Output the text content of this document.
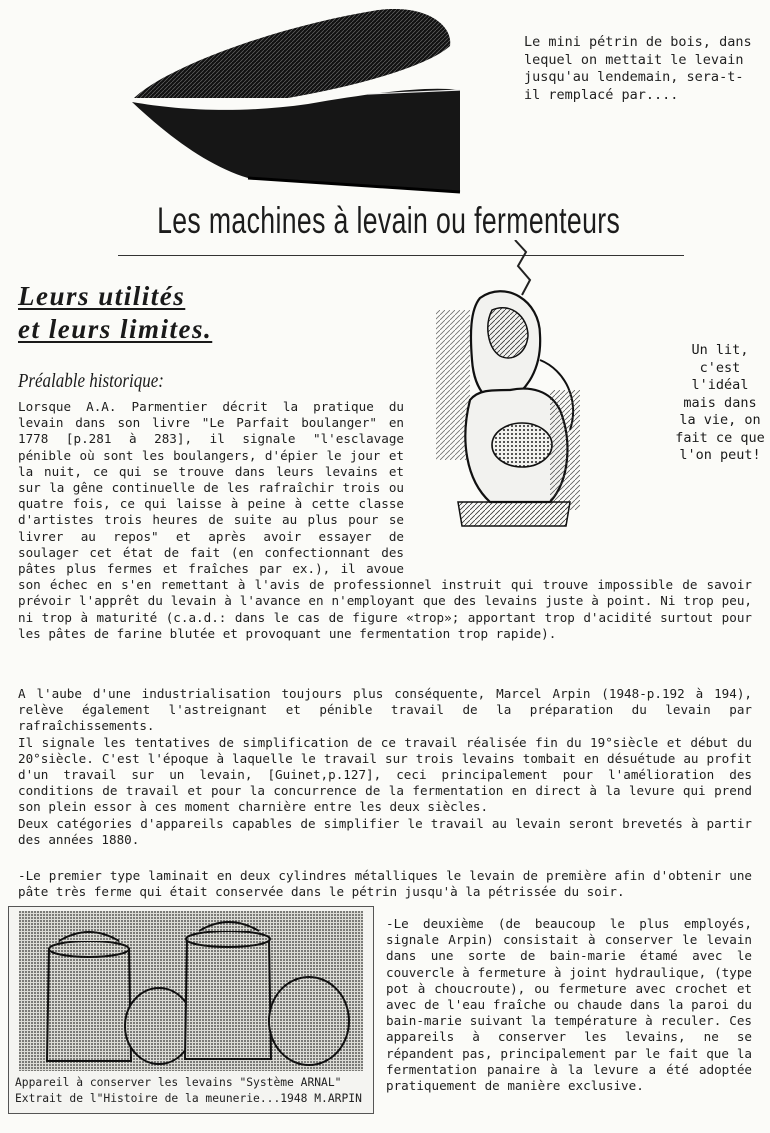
Le mini pétrin de bois, dans lequel on mettait le levain jusqu'au lendemain, sera-t-il remplacé par....
Les machines à levain ou fermenteurs
Leurs utilités
et leurs limites.
Un lit, c'est l'idéal mais dans la vie, on fait ce que l'on peut!
Préalable historique:
Lorsque A.A. Parmentier décrit la pratique du levain dans son livre "Le Parfait boulanger" en 1778 [p.281 à 283], il signale "l'esclavage pénible où sont les boulangers, d'épier le jour et la nuit, ce qui se trouve dans leurs levains et sur la gêne continuelle de les rafraîchir trois ou quatre fois, ce qui laisse à peine à cette classe d'artistes trois heures de suite au plus pour se livrer au repos" et après avoir essayer de soulager cet état de fait (en confectionnant des pâtes plus fermes et fraîches par ex.), il avoue son échec en s'en remettant à l'avis de professionnel instruit qui trouve impossible de savoir prévoir l'apprêt du levain à l'avance en n'employant que des levains juste à point. Ni trop peu, ni trop à maturité (c.a.d.: dans le cas de figure «trop»; apportant trop d'acidité surtout pour les pâtes de farine blutée et provoquant une fermentation trop rapide).
A l'aube d'une industrialisation toujours plus conséquente, Marcel Arpin (1948-p.192 à 194), relève également l'astreignant et pénible travail de la préparation du levain par rafraîchissements.
Il signale les tentatives de simplification de ce travail réalisée fin du 19°siècle et début du 20°siècle. C'est l'époque à laquelle le travail sur trois levains tombait en désuétude au profit d'un travail sur un levain, [Guinet,p.127], ceci principalement pour l'amélioration des conditions de travail et pour la concurrence de la fermentation en direct à la levure qui prend son plein essor à ces moment charnière entre les deux siècles.
Deux catégories d'appareils capables de simplifier le travail au levain seront brevetés à partir des années 1880.
-Le premier type laminait en deux cylindres métalliques le levain de première afin d'obtenir une pâte très ferme qui était conservée dans le pétrin jusqu'à la pétrissée du soir.
Appareil à conserver les levains "Système ARNAL"
Extrait de l"Histoire de la meunerie...1948 M.ARPIN
-Le deuxième (de beaucoup le plus employés, signale Arpin) consistait à conserver le levain dans une sorte de bain-marie étamé avec le couvercle à fermeture à joint hydraulique, (type pot à choucroute), ou fermeture avec crochet et avec de l'eau fraîche ou chaude dans la paroi du bain-marie suivant la température à reculer. Ces appareils à conserver les levains, ne se répandent pas, principalement par le fait que la fermentation panaire à la levure a été adoptée pratiquement de manière exclusive.
